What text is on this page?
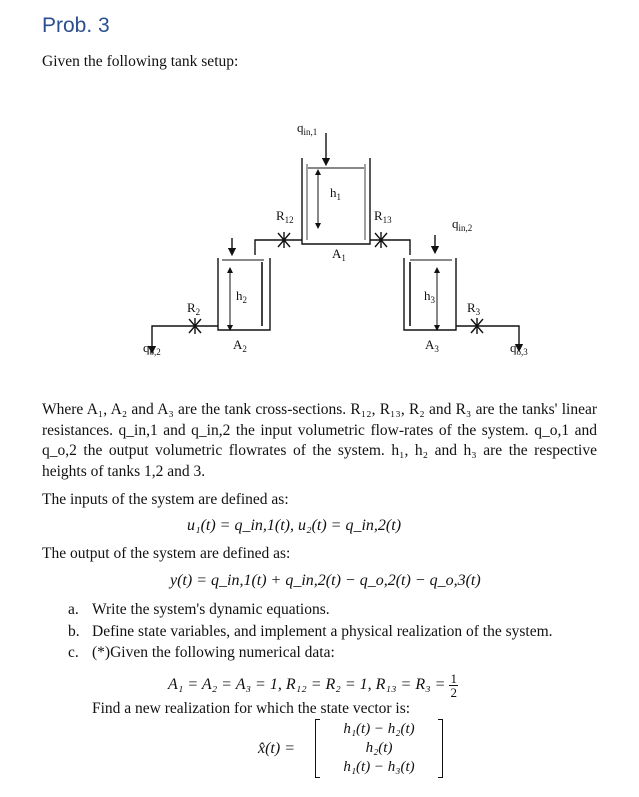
Prob. 3
Given the following tank setup:
$q_{in,1}$
$h_1$
$A_1$
$R_{12}$	$R_{13}$	$q_{in,2}$
$h_2$
$A_2$
$R_2$
$q_{o,2}$
$h_3$
$A_3$
$R_3$
$q_{o,3}$
Where A₁, A₂ and A₃ are the tank cross-sections. R₁₂, R₁₃, R₂ and R₃ are the tanks' linear resistances. q_in,1 and q_in,2 the input volumetric flow-rates of the system. q_o,1 and q_o,2 the output volumetric flowrates of the system. h₁, h₂ and h₃ are the respective heights of tanks 1,2 and 3.
The inputs of the system are defined as:
u₁(t) = q_in,1(t), u₂(t) = q_in,2(t)
The output of the system are defined as:
y(t) = q_in,1(t) + q_in,2(t) − q_o,2(t) − q_o,3(t)
a. Write the system's dynamic equations.
b. Define state variables, and implement a physical realization of the system.
c. (*)Given the following numerical data:
A₁ = A₂ = A₃ = 1, R₁₂ = R₂ = 1, $R_{13} = R_3 = \frac{1}{2}$
Find a new realization for which the state vector is:
x̂(t) =
h₁(t) − h₂(t)
h₂(t)
h₁(t) − h₃(t)
